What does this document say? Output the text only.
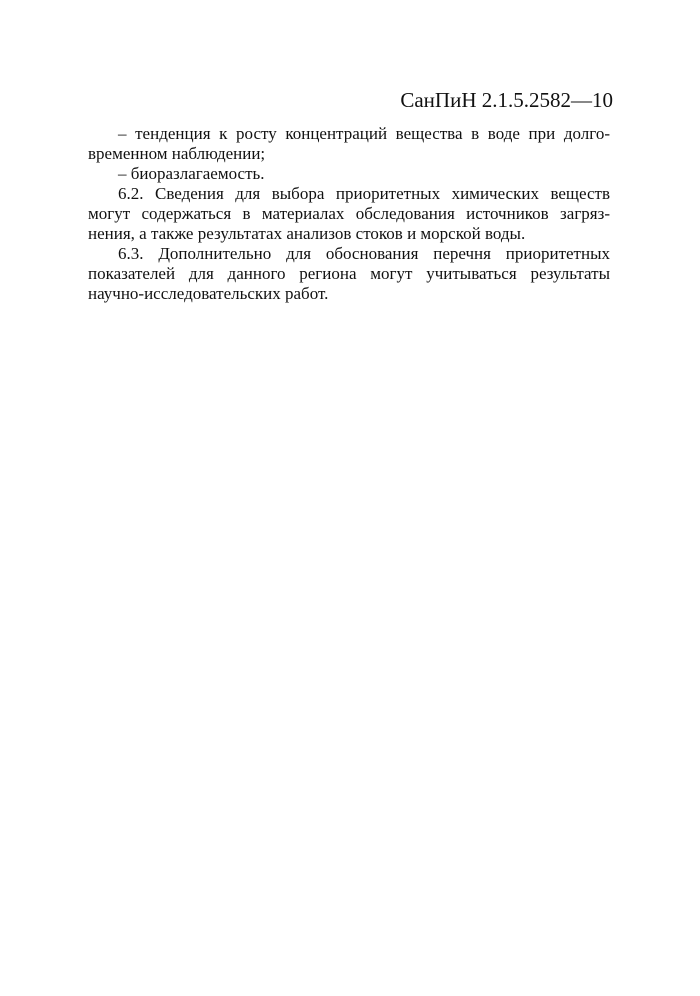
СанПиН 2.1.5.2582—10

– тенденция к росту концентраций вещества в воде при долго-временном наблюдении;

– биоразлагаемость.

6.2. Сведения для выбора приоритетных химических веществ могут содержаться в материалах обследования источников загряз-нения, а также результатах анализов стоков и морской воды.

6.3. Дополнительно для обоснования перечня приоритетных показателей для данного региона могут учитываться результаты научно-исследовательских работ.
